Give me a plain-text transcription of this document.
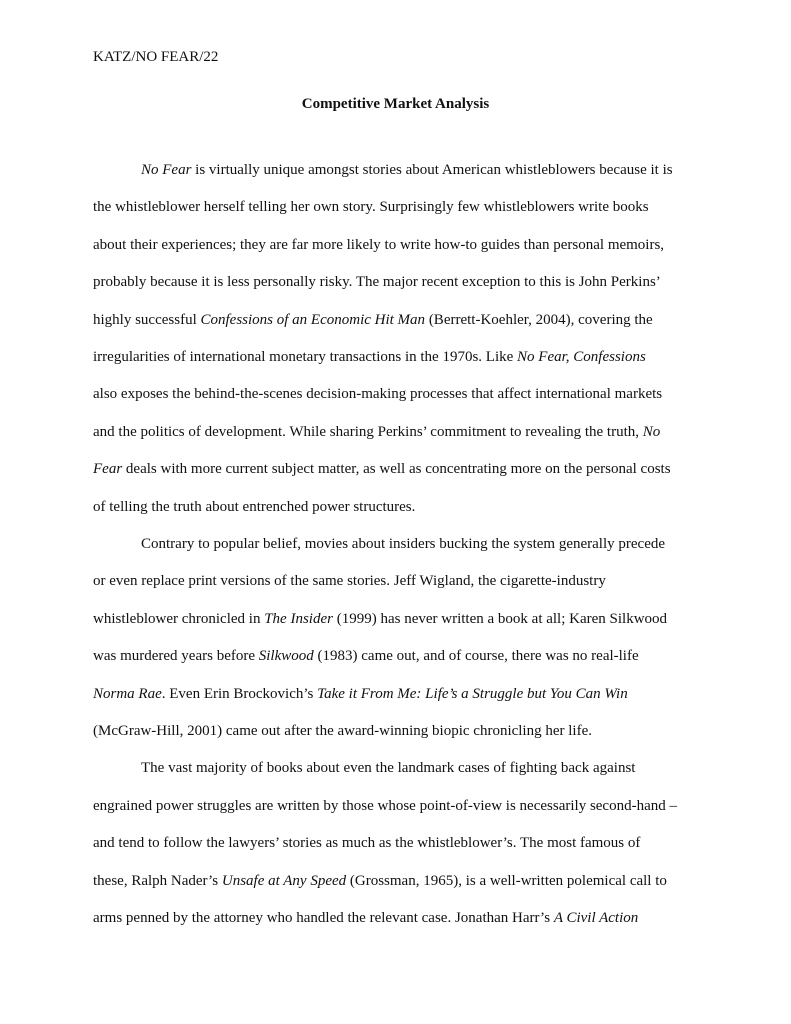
KATZ/NO FEAR/22
Competitive Market Analysis
No Fear is virtually unique amongst stories about American whistleblowers because it is
the whistleblower herself telling her own story. Surprisingly few whistleblowers write books
about their experiences; they are far more likely to write how-to guides than personal memoirs,
probably because it is less personally risky. The major recent exception to this is John Perkins’
highly successful Confessions of an Economic Hit Man (Berrett-Koehler, 2004), covering the
irregularities of international monetary transactions in the 1970s. Like No Fear, Confessions
also exposes the behind-the-scenes decision-making processes that affect international markets
and the politics of development. While sharing Perkins’ commitment to revealing the truth, No
Fear deals with more current subject matter, as well as concentrating more on the personal costs
of telling the truth about entrenched power structures.
Contrary to popular belief, movies about insiders bucking the system generally precede
or even replace print versions of the same stories. Jeff Wigland, the cigarette-industry
whistleblower chronicled in The Insider (1999) has never written a book at all; Karen Silkwood
was murdered years before Silkwood (1983) came out, and of course, there was no real-life
Norma Rae. Even Erin Brockovich’s Take it From Me: Life’s a Struggle but You Can Win
(McGraw-Hill, 2001) came out after the award-winning biopic chronicling her life.
The vast majority of books about even the landmark cases of fighting back against
engrained power struggles are written by those whose point-of-view is necessarily second-hand –
and tend to follow the lawyers’ stories as much as the whistleblower’s. The most famous of
these, Ralph Nader’s Unsafe at Any Speed (Grossman, 1965), is a well-written polemical call to
arms penned by the attorney who handled the relevant case. Jonathan Harr’s A Civil Action
